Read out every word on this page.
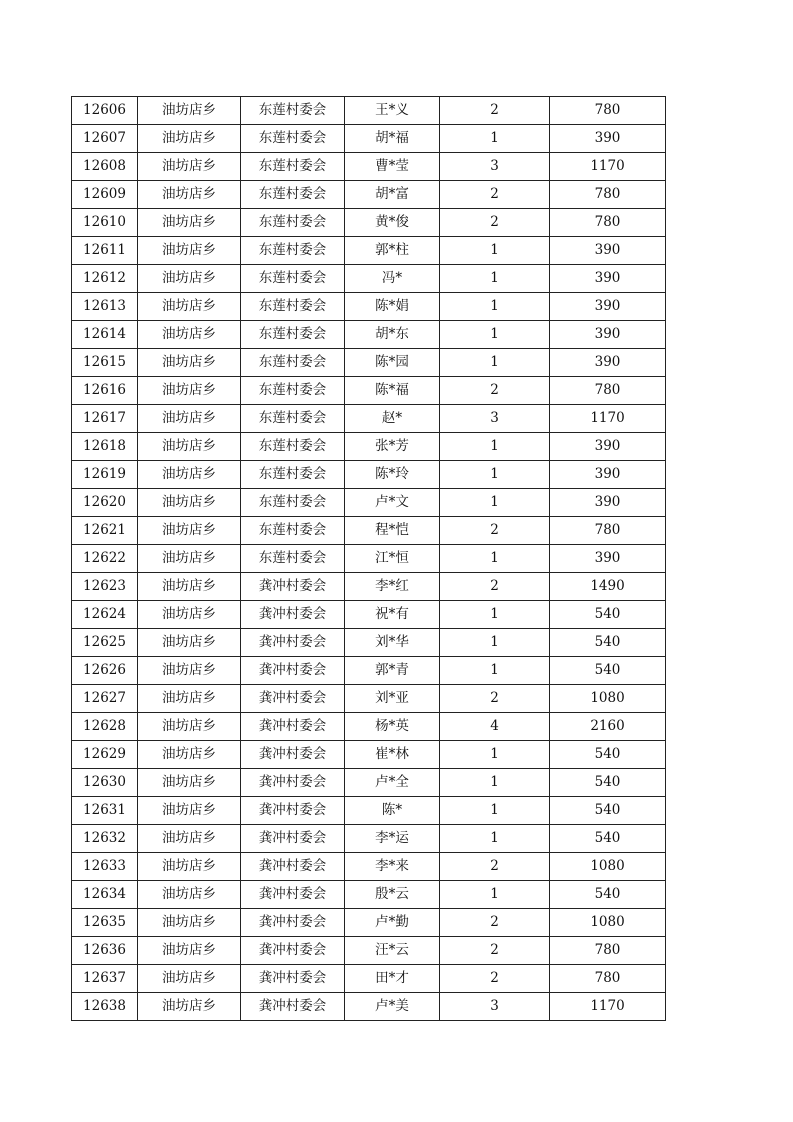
12606	油坊店乡	东莲村委会	王*义	2	780
12607	油坊店乡	东莲村委会	胡*福	1	390
12608	油坊店乡	东莲村委会	曹*莹	3	1170
12609	油坊店乡	东莲村委会	胡*富	2	780
12610	油坊店乡	东莲村委会	黄*俊	2	780
12611	油坊店乡	东莲村委会	郭*柱	1	390
12612	油坊店乡	东莲村委会	冯*	1	390
12613	油坊店乡	东莲村委会	陈*娟	1	390
12614	油坊店乡	东莲村委会	胡*东	1	390
12615	油坊店乡	东莲村委会	陈*园	1	390
12616	油坊店乡	东莲村委会	陈*福	2	780
12617	油坊店乡	东莲村委会	赵*	3	1170
12618	油坊店乡	东莲村委会	张*芳	1	390
12619	油坊店乡	东莲村委会	陈*玲	1	390
12620	油坊店乡	东莲村委会	卢*文	1	390
12621	油坊店乡	东莲村委会	程*恺	2	780
12622	油坊店乡	东莲村委会	江*恒	1	390
12623	油坊店乡	龚冲村委会	李*红	2	1490
12624	油坊店乡	龚冲村委会	祝*有	1	540
12625	油坊店乡	龚冲村委会	刘*华	1	540
12626	油坊店乡	龚冲村委会	郭*青	1	540
12627	油坊店乡	龚冲村委会	刘*亚	2	1080
12628	油坊店乡	龚冲村委会	杨*英	4	2160
12629	油坊店乡	龚冲村委会	崔*林	1	540
12630	油坊店乡	龚冲村委会	卢*全	1	540
12631	油坊店乡	龚冲村委会	陈*	1	540
12632	油坊店乡	龚冲村委会	李*运	1	540
12633	油坊店乡	龚冲村委会	李*来	2	1080
12634	油坊店乡	龚冲村委会	殷*云	1	540
12635	油坊店乡	龚冲村委会	卢*勤	2	1080
12636	油坊店乡	龚冲村委会	汪*云	2	780
12637	油坊店乡	龚冲村委会	田*才	2	780
12638	油坊店乡	龚冲村委会	卢*美	3	1170
